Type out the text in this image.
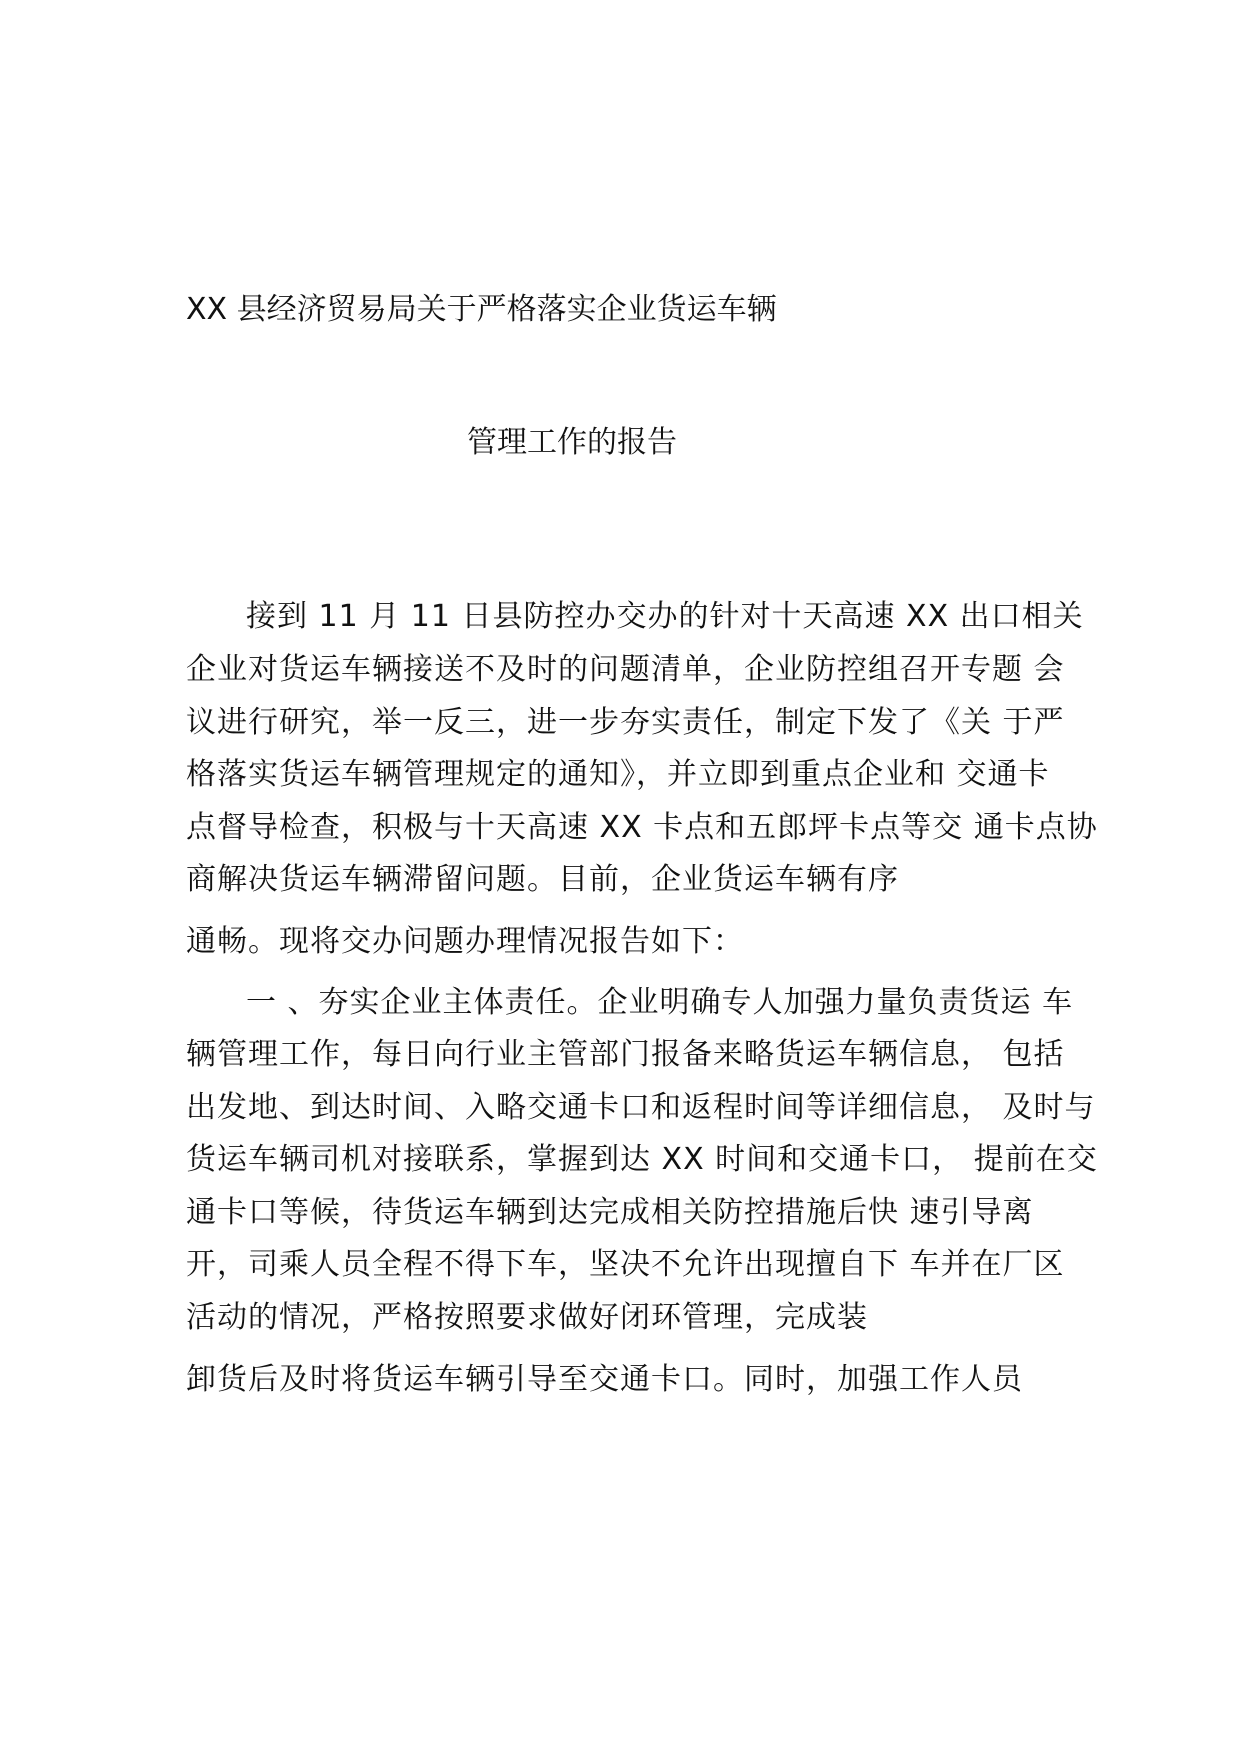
XX 县经济贸易局关于严格落实企业货运车辆
管理工作的报告
接到 11 月 11 日县防控办交办的针对十天高速 XX 出口相关
企业对货运车辆接送不及时的问题清单，企业防控组召开专题 会
议进行研究，举一反三，进一步夯实责任，制定下发了《关 于严
格落实货运车辆管理规定的通知》，并立即到重点企业和 交通卡
点督导检查，积极与十天高速 XX 卡点和五郎坪卡点等交 通卡点协
商解决货运车辆滞留问题。目前，企业货运车辆有序
通畅。现将交办问题办理情况报告如下：
一 、夯实企业主体责任。企业明确专人加强力量负责货运 车
辆管理工作，每日向行业主管部门报备来略货运车辆信息， 包括
出发地、到达时间、入略交通卡口和返程时间等详细信息， 及时与
货运车辆司机对接联系，掌握到达 XX 时间和交通卡口， 提前在交
通卡口等候，待货运车辆到达完成相关防控措施后快 速引导离
开，司乘人员全程不得下车，坚决不允许出现擅自下 车并在厂区
活动的情况，严格按照要求做好闭环管理，完成装
卸货后及时将货运车辆引导至交通卡口。同时，加强工作人员
